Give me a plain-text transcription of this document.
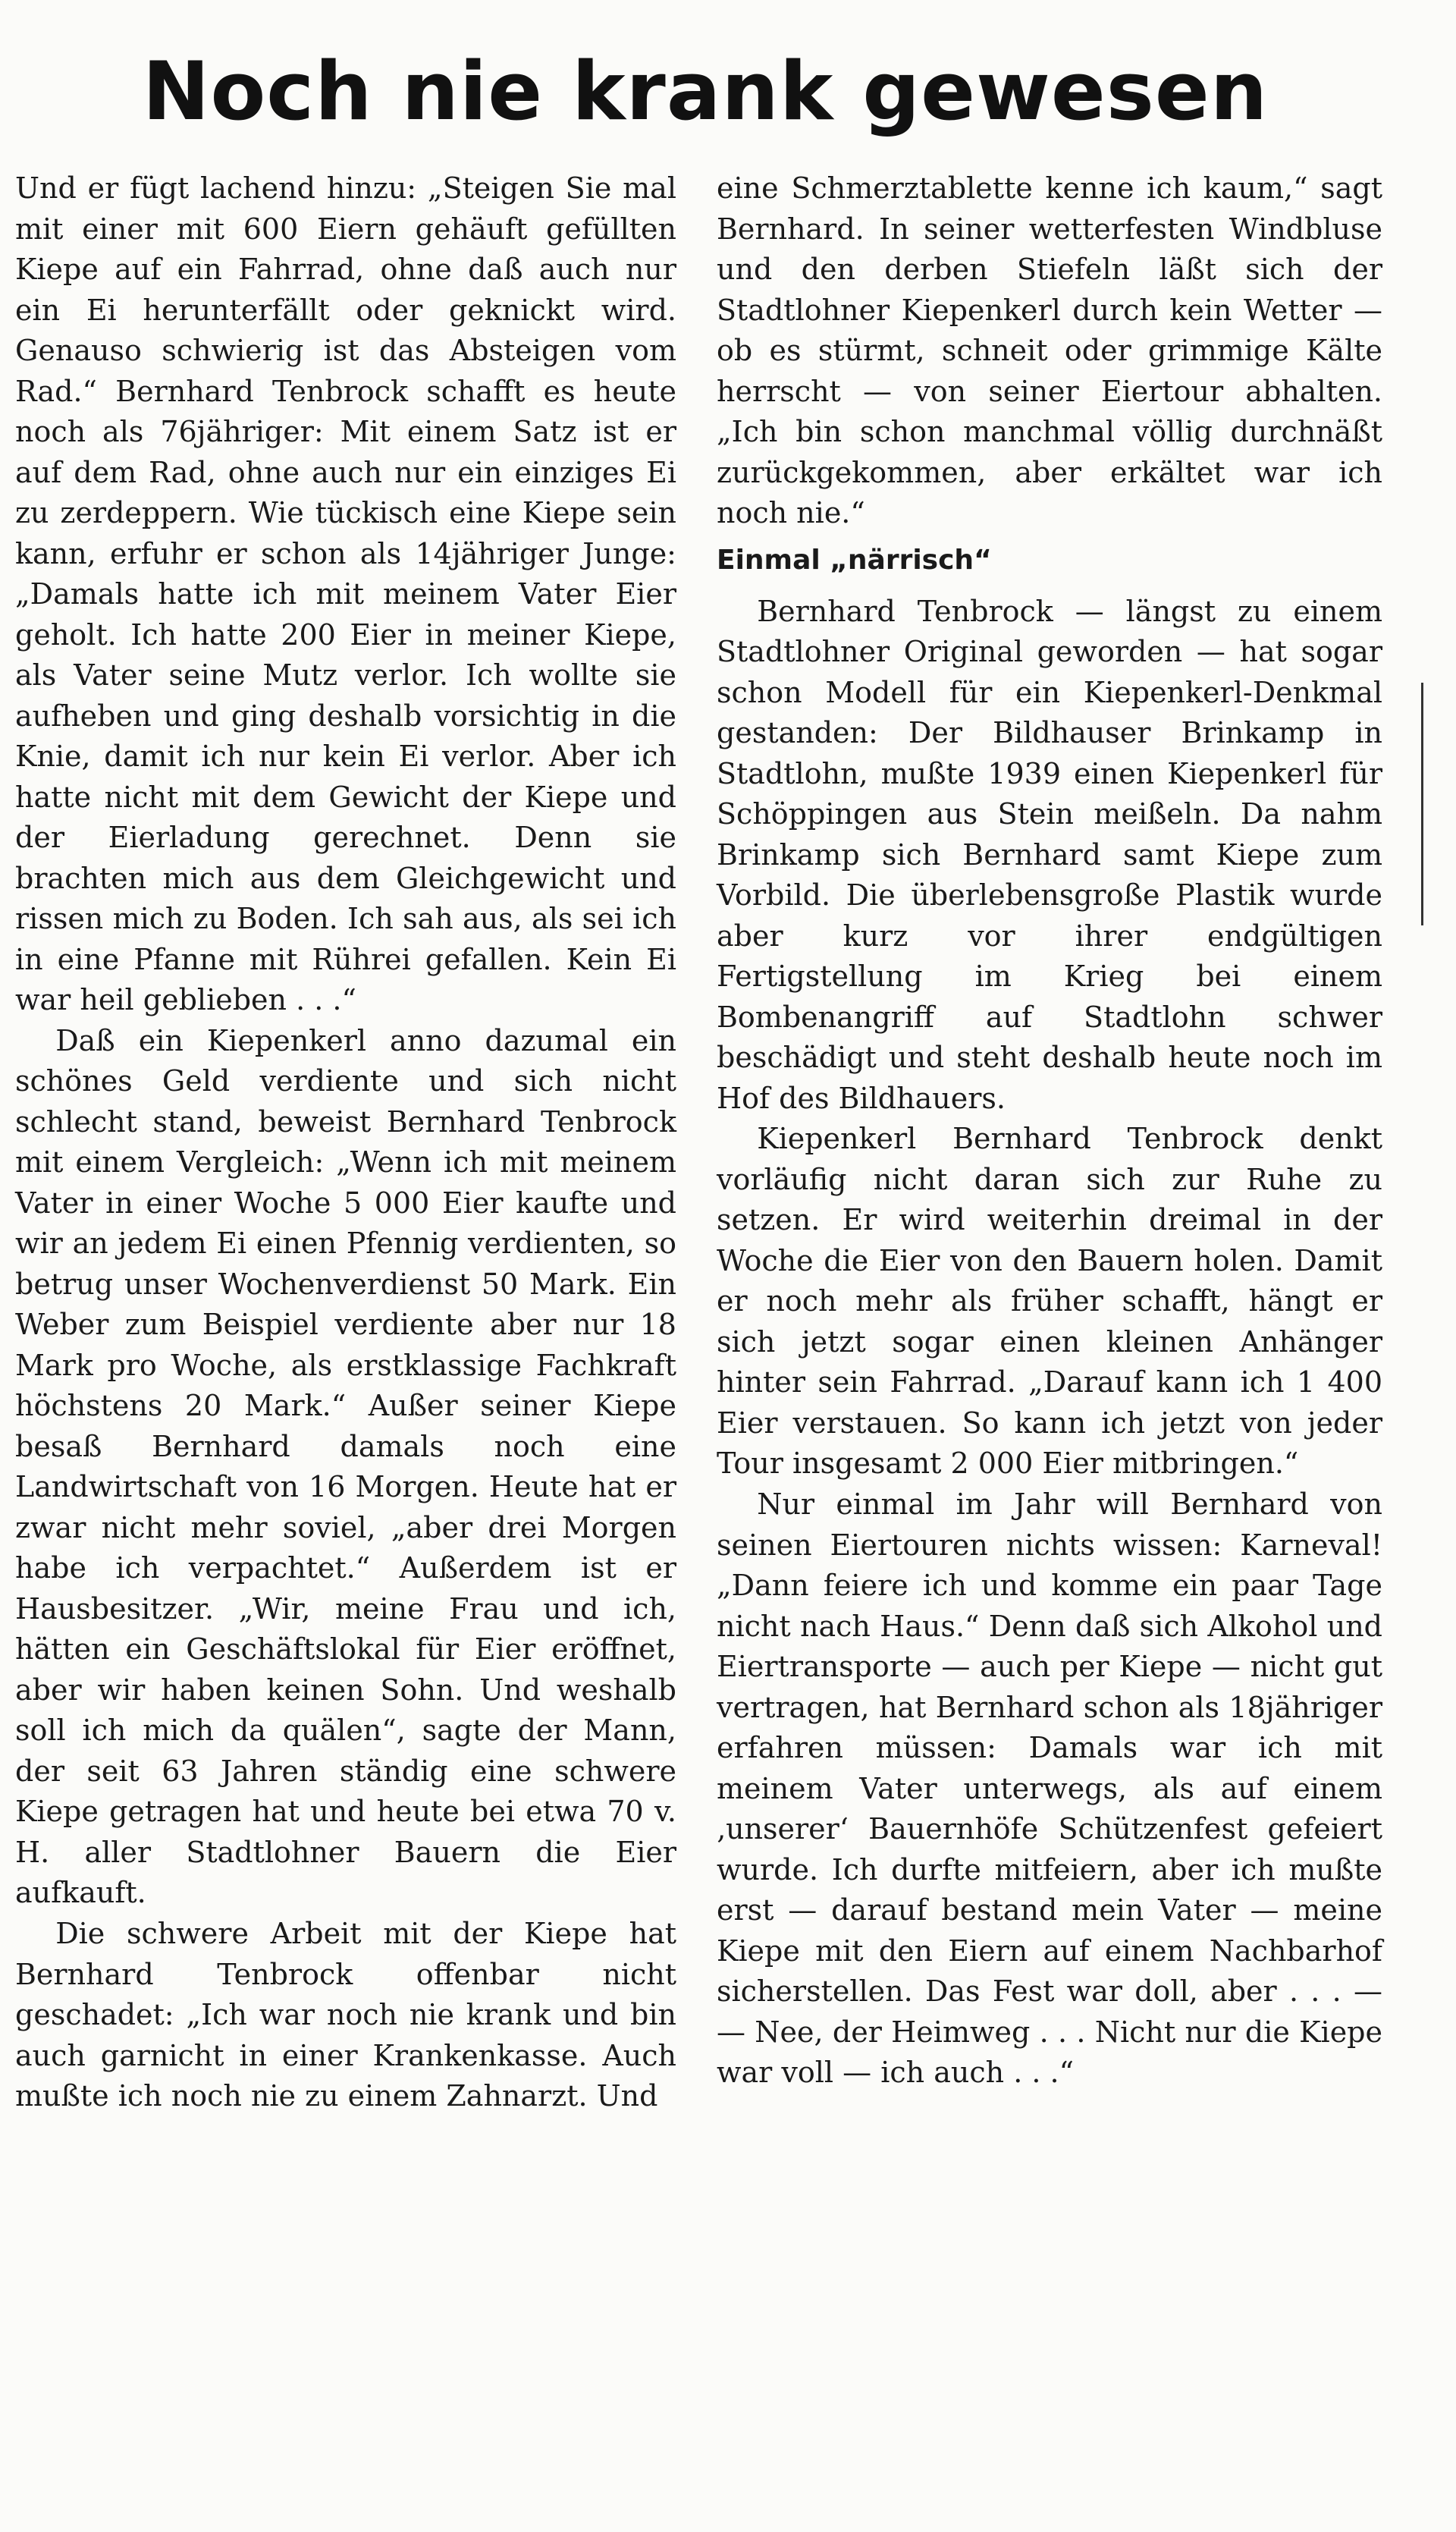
Noch nie krank gewesen

Und er fügt lachend hinzu: „Steigen Sie mal mit einer mit 600 Eiern gehäuft gefüllten Kiepe auf ein Fahrrad, ohne daß auch nur ein Ei herunterfällt oder geknickt wird. Genauso schwierig ist das Absteigen vom Rad.“ Bernhard Tenbrock schafft es heute noch als 76jähriger: Mit einem Satz ist er auf dem Rad, ohne auch nur ein einziges Ei zu zerdeppern. Wie tückisch eine Kiepe sein kann, erfuhr er schon als 14jähriger Junge: „Damals hatte ich mit meinem Vater Eier geholt. Ich hatte 200 Eier in meiner Kiepe, als Vater seine Mutz verlor. Ich wollte sie aufheben und ging deshalb vorsichtig in die Knie, damit ich nur kein Ei verlor. Aber ich hatte nicht mit dem Gewicht der Kiepe und der Eierladung gerechnet. Denn sie brachten mich aus dem Gleichgewicht und rissen mich zu Boden. Ich sah aus, als sei ich in eine Pfanne mit Rührei gefallen. Kein Ei war heil geblieben . . .“

Daß ein Kiepenkerl anno dazumal ein schönes Geld verdiente und sich nicht schlecht stand, beweist Bernhard Tenbrock mit einem Vergleich: „Wenn ich mit meinem Vater in einer Woche 5 000 Eier kaufte und wir an jedem Ei einen Pfennig verdienten, so betrug unser Wochenverdienst 50 Mark. Ein Weber zum Beispiel verdiente aber nur 18 Mark pro Woche, als erstklassige Fachkraft höchstens 20 Mark.“ Außer seiner Kiepe besaß Bernhard damals noch eine Landwirtschaft von 16 Morgen. Heute hat er zwar nicht mehr soviel, „aber drei Morgen habe ich verpachtet.“ Außerdem ist er Hausbesitzer. „Wir, meine Frau und ich, hätten ein Geschäftslokal für Eier eröffnet, aber wir haben keinen Sohn. Und weshalb soll ich mich da quälen“, sagte der Mann, der seit 63 Jahren ständig eine schwere Kiepe getragen hat und heute bei etwa 70 v. H. aller Stadtlohner Bauern die Eier aufkauft.

Die schwere Arbeit mit der Kiepe hat Bernhard Tenbrock offenbar nicht geschadet: „Ich war noch nie krank und bin auch garnicht in einer Krankenkasse. Auch mußte ich noch nie zu einem Zahnarzt. Und

eine Schmerztablette kenne ich kaum,“ sagt Bernhard. In seiner wetterfesten Windbluse und den derben Stiefeln läßt sich der Stadtlohner Kiepenkerl durch kein Wetter — ob es stürmt, schneit oder grimmige Kälte herrscht — von seiner Eiertour abhalten. „Ich bin schon manchmal völlig durchnäßt zurückgekommen, aber erkältet war ich noch nie.“

Einmal „närrisch“

Bernhard Tenbrock — längst zu einem Stadtlohner Original geworden — hat sogar schon Modell für ein Kiepenkerl-Denkmal gestanden: Der Bildhauser Brinkamp in Stadtlohn, mußte 1939 einen Kiepenkerl für Schöppingen aus Stein meißeln. Da nahm Brinkamp sich Bernhard samt Kiepe zum Vorbild. Die überlebensgroße Plastik wurde aber kurz vor ihrer endgültigen Fertigstellung im Krieg bei einem Bombenangriff auf Stadtlohn schwer beschädigt und steht deshalb heute noch im Hof des Bildhauers.

Kiepenkerl Bernhard Tenbrock denkt vorläufig nicht daran sich zur Ruhe zu setzen. Er wird weiterhin dreimal in der Woche die Eier von den Bauern holen. Damit er noch mehr als früher schafft, hängt er sich jetzt sogar einen kleinen Anhänger hinter sein Fahrrad. „Darauf kann ich 1 400 Eier verstauen. So kann ich jetzt von jeder Tour insgesamt 2 000 Eier mitbringen.“

Nur einmal im Jahr will Bernhard von seinen Eiertouren nichts wissen: Karneval! „Dann feiere ich und komme ein paar Tage nicht nach Haus.“ Denn daß sich Alkohol und Eiertransporte — auch per Kiepe — nicht gut vertragen, hat Bernhard schon als 18jähriger erfahren müssen: Damals war ich mit meinem Vater unterwegs, als auf einem ‚unserer‘ Bauernhöfe Schützenfest gefeiert wurde. Ich durfte mitfeiern, aber ich mußte erst — darauf bestand mein Vater — meine Kiepe mit den Eiern auf einem Nachbarhof sicherstellen. Das Fest war doll, aber . . . — — Nee, der Heimweg . . . Nicht nur die Kiepe war voll — ich auch . . .“
